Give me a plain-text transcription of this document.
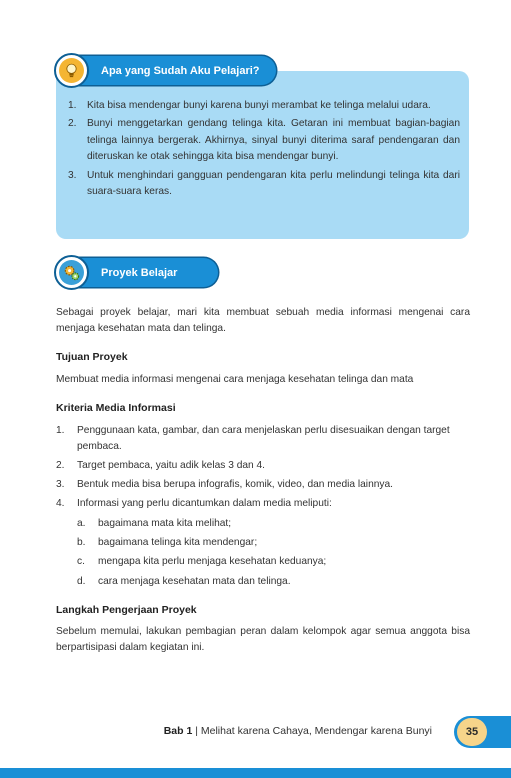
Apa yang Sudah Aku Pelajari?
1.	Kita bisa mendengar bunyi karena bunyi merambat ke telinga melalui udara.
2.	Bunyi menggetarkan gendang telinga kita. Getaran ini membuat bagian-bagian telinga lainnya bergerak. Akhirnya, sinyal bunyi diterima saraf pendengaran dan diteruskan ke otak sehingga kita bisa mendengar bunyi.
3.	Untuk menghindari gangguan pendengaran kita perlu melindungi telinga kita dari suara-suara keras.
Proyek Belajar

Sebagai proyek belajar, mari kita membuat sebuah media informasi mengenai cara menjaga kesehatan mata dan telinga.

Tujuan Proyek

Membuat media informasi mengenai cara menjaga kesehatan telinga dan mata

Kriteria Media Informasi
1.	Penggunaan kata, gambar, dan cara menjelaskan perlu disesuaikan dengan target pembaca.
2.	Target pembaca, yaitu adik kelas 3 dan 4.
3.	Bentuk media bisa berupa infografis, komik, video, dan media lainnya.
4.	Informasi yang perlu dicantumkan dalam media meliputi:
a.	bagaimana mata kita melihat;
b.	bagaimana telinga kita mendengar;
c.	mengapa kita perlu menjaga kesehatan keduanya;
d.	cara menjaga kesehatan mata dan telinga.
Langkah Pengerjaan Proyek

Sebelum memulai, lakukan pembagian peran dalam kelompok agar semua anggota bisa berpartisipasi dalam kegiatan ini.

Bab 1 | Melihat karena Cahaya, Mendengar karena Bunyi	35
